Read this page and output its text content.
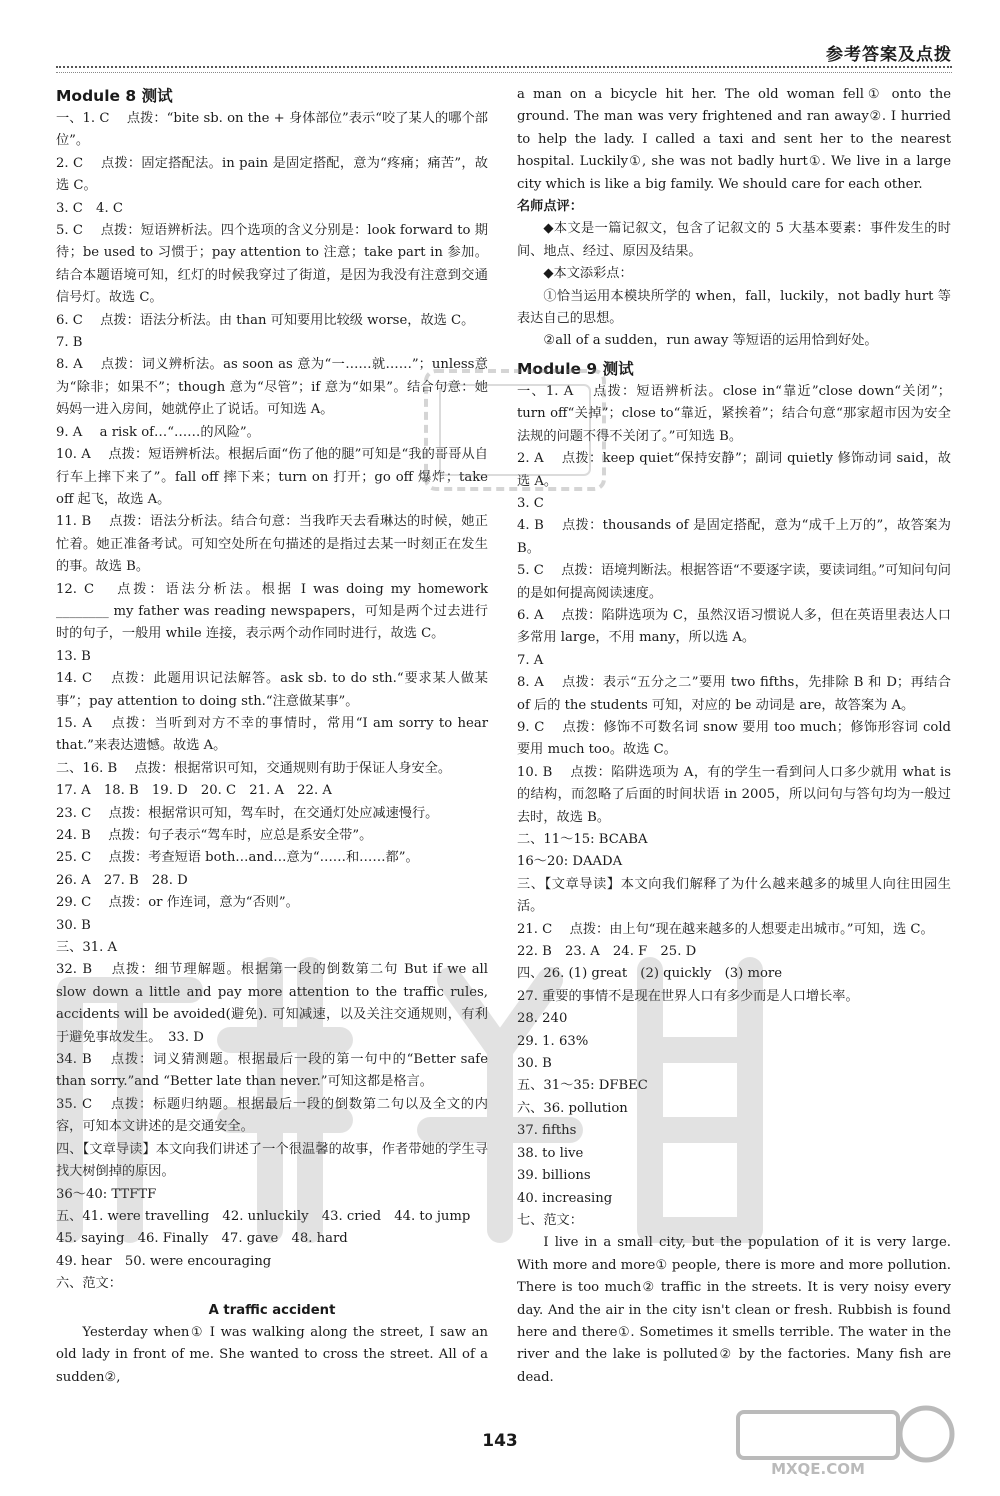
参考答案及点拨
Module 8 测试
一、1. C 　点拨：“bite sb. on the + 身体部位”表示“咬了某人的哪个部位”。
2. C 　点拨：固定搭配法。in pain 是固定搭配，意为“疼痛；痛苦”，故选 C。
3. C　4. C
5. C 　点拨：短语辨析法。四个选项的含义分别是：look forward to 期待；be used to 习惯于；pay attention to 注意；take part in 参加。结合本题语境可知，红灯的时候我穿过了街道，是因为我没有注意到交通信号灯。故选 C。
6. C 　点拨：语法分析法。由 than 可知要用比较级 worse，故选 C。
7. B
8. A 　点拨：词义辨析法。as soon as 意为“一……就……”；unless意为“除非；如果不”；though 意为“尽管”；if 意为“如果”。结合句意：她妈妈一进入房间，她就停止了说话。可知选 A。
9. A 　a risk of…“……的风险”。
10. A 　点拨：短语辨析法。根据后面“伤了他的腿”可知是“我的哥哥从自行车上摔下来了”。fall off 摔下来；turn on 打开；go off 爆炸；take off 起飞，故选 A。
11. B 　点拨：语法分析法。结合句意：当我昨天去看琳达的时候，她正忙着。她正准备考试。可知空处所在句描述的是指过去某一时刻正在发生的事。故选 B。
12. C 　点拨：语法分析法。根据 I was doing my homework ________ my father was reading newspapers，可知是两个过去进行时的句子，一般用 while 连接，表示两个动作同时进行，故选 C。
13. B
14. C 　点拨：此题用识记法解答。ask sb. to do sth.“要求某人做某事”；pay attention to doing sth.“注意做某事”。
15. A 　点拨：当听到对方不幸的事情时，常用“I am sorry to hear that.”来表达遗憾。故选 A。
二、16. B 　点拨：根据常识可知，交通规则有助于保证人身安全。
17. A　18. B　19. D　20. C　21. A　22. A
23. C 　点拨：根据常识可知，驾车时，在交通灯处应减速慢行。
24. B 　点拨：句子表示“驾车时，应总是系安全带”。
25. C 　点拨：考查短语 both…and…意为“……和……都”。
26. A　27. B　28. D
29. C 　点拨：or 作连词，意为“否则”。
30. B
三、31. A
32. B 　点拨：细节理解题。根据第一段的倒数第二句 But if we all slow down a little and pay more attention to the traffic rules, accidents will be avoided(避免). 可知减速，以及关注交通规则，有利于避免事故发生。　33. D
34. B 　点拨：词义猜测题。根据最后一段的第一句中的“Better safe than sorry.”and “Better late than never.”可知这都是格言。
35. C 　点拨：标题归纳题。根据最后一段的倒数第二句以及全文的内容，可知本文讲述的是交通安全。
四、【文章导读】本文向我们讲述了一个很温馨的故事，作者带她的学生寻找大树倒掉的原因。
36～40: TTFTF
五、41. were travelling　42. unluckily　43. cried　44. to jump
45. saying　46. Finally　47. gave　48. hard
49. hear　50. were encouraging
六、范文：
A traffic accident
Yesterday when① I was walking along the street, I saw an old lady in front of me. She wanted to cross the street. All of a sudden②,
a man on a bicycle hit her. The old woman fell① onto the ground. The man was very frightened and ran away②. I hurried to help the lady. I called a taxi and sent her to the nearest hospital. Luckily①, she was not badly hurt①. We live in a large city which is like a big family. We should care for each other.
名师点评：
◆本文是一篇记叙文，包含了记叙文的 5 大基本要素：事件发生的时间、地点、经过、原因及结果。
◆本文添彩点：
①恰当运用本模块所学的 when，fall，luckily，not badly hurt 等表达自己的思想。
②all of a sudden，run away 等短语的运用恰到好处。
Module 9 测试
一、1. A 　点拨：短语辨析法。close in“靠近”close down“关闭”；turn off“关掉”；close to“靠近，紧挨着”；结合句意“那家超市因为安全法规的问题不得不关闭了。”可知选 B。
2. A 　点拨：keep quiet“保持安静”；副词 quietly 修饰动词 said，故选 A。
3. C
4. B 　点拨：thousands of 是固定搭配，意为“成千上万的”，故答案为 B。
5. C 　点拨：语境判断法。根据答语“不要逐字读，要读词组。”可知问句问的是如何提高阅读速度。
6. A 　点拨：陷阱选项为 C，虽然汉语习惯说人多，但在英语里表达人口多常用 large，不用 many，所以选 A。
7. A
8. A 　点拨：表示“五分之二”要用 two fifths，先排除 B 和 D；再结合 of 后的 the students 可知，对应的 be 动词是 are，故答案为 A。
9. C 　点拨：修饰不可数名词 snow 要用 too much；修饰形容词 cold 要用 much too。故选 C。
10. B 　点拨：陷阱选项为 A，有的学生一看到问人口多少就用 what is 的结构，而忽略了后面的时间状语 in 2005，所以问句与答句均为一般过去时，故选 B。
二、11～15: BCABA
16～20: DAADA
三、【文章导读】本文向我们解释了为什么越来越多的城里人向往田园生活。
21. C 　点拨：由上句“现在越来越多的人想要走出城市。”可知，选 C。
22. B　23. A　24. F　25. D
四、26. (1) great　(2) quickly　(3) more
27. 重要的事情不是现在世界人口有多少而是人口增长率。
28. 240
29. 1. 63%
30. B
五、31～35: DFBEC
六、36. pollution
37. fifths
38. to live
39. billions
40. increasing
七、范文：
I live in a small city, but the population of it is very large. With more and more① people, there is more and more pollution. There is too much② traffic in the streets. It is very noisy every day. And the air in the city isn't clean or fresh. Rubbish is found here and there①. Sometimes it smells terrible. The water in the river and the lake is polluted② by the factories. Many fish are dead.
MXQE.COM
143
